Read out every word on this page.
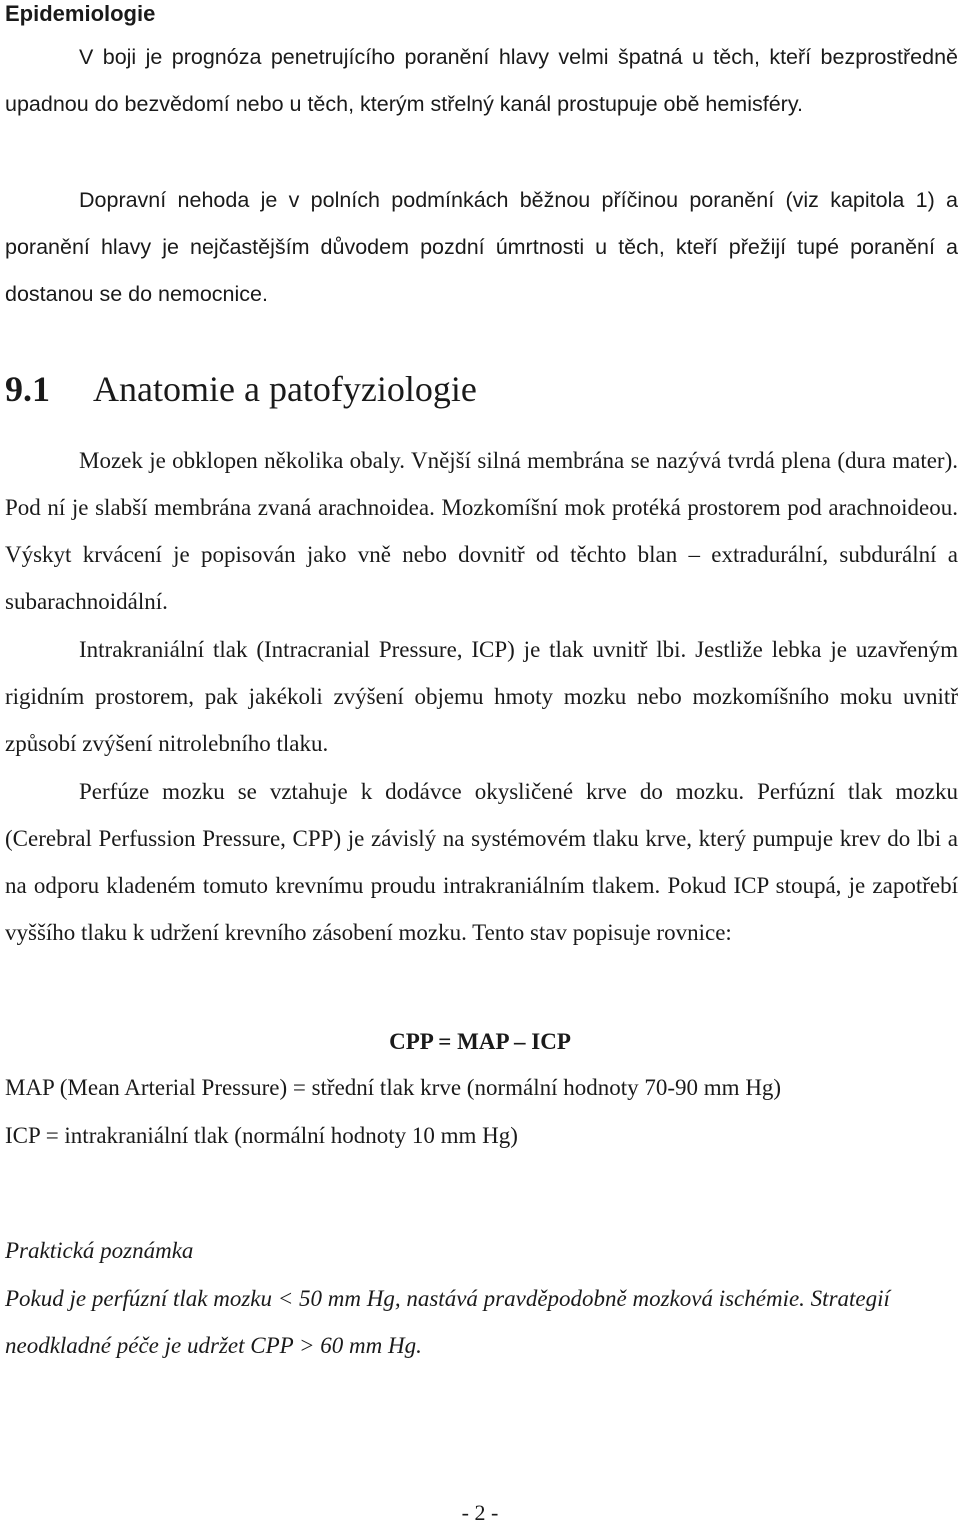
Epidemiologie

V boji je prognóza penetrujícího poranění hlavy velmi špatná u těch, kteří bezprostředně upadnou do bezvědomí nebo u těch, kterým střelný kanál prostupuje obě hemisféry.

Dopravní nehoda je v polních podmínkách běžnou příčinou poranění (viz kapitola 1) a poranění hlavy je nejčastějším důvodem pozdní úmrtnosti u těch, kteří přežijí tupé poranění a dostanou se do nemocnice.

9.1 Anatomie a patofyziologie

Mozek je obklopen několika obaly. Vnější silná membrána se nazývá tvrdá plena (dura mater). Pod ní je slabší membrána zvaná arachnoidea. Mozkomíšní mok protéká prostorem pod arachnoideou. Výskyt krvácení je popisován jako vně nebo dovnitř od těchto blan – extradurální, subdurální a subarachnoidální.

Intrakraniální tlak (Intracranial Pressure, ICP) je tlak uvnitř lbi. Jestliže lebka je uzavřeným rigidním prostorem, pak jakékoli zvýšení objemu hmoty mozku nebo mozkomíšního moku uvnitř způsobí zvýšení nitrolebního tlaku.

Perfúze mozku se vztahuje k dodávce okysličené krve do mozku. Perfúzní tlak mozku (Cerebral Perfussion Pressure, CPP) je závislý na systémovém tlaku krve, který pumpuje krev do lbi a na odporu kladeném tomuto krevnímu proudu intrakraniálním tlakem. Pokud ICP stoupá, je zapotřebí vyššího tlaku k udržení krevního zásobení mozku. Tento stav popisuje rovnice:

CPP = MAP – ICP

MAP (Mean Arterial Pressure) = střední tlak krve (normální hodnoty 70-90 mm Hg)

ICP = intrakraniální tlak (normální hodnoty 10 mm Hg)

Praktická poznámka

Pokud je perfúzní tlak mozku < 50 mm Hg, nastává pravděpodobně mozková ischémie. Strategií neodkladné péče je udržet CPP > 60 mm Hg.

- 2 -
